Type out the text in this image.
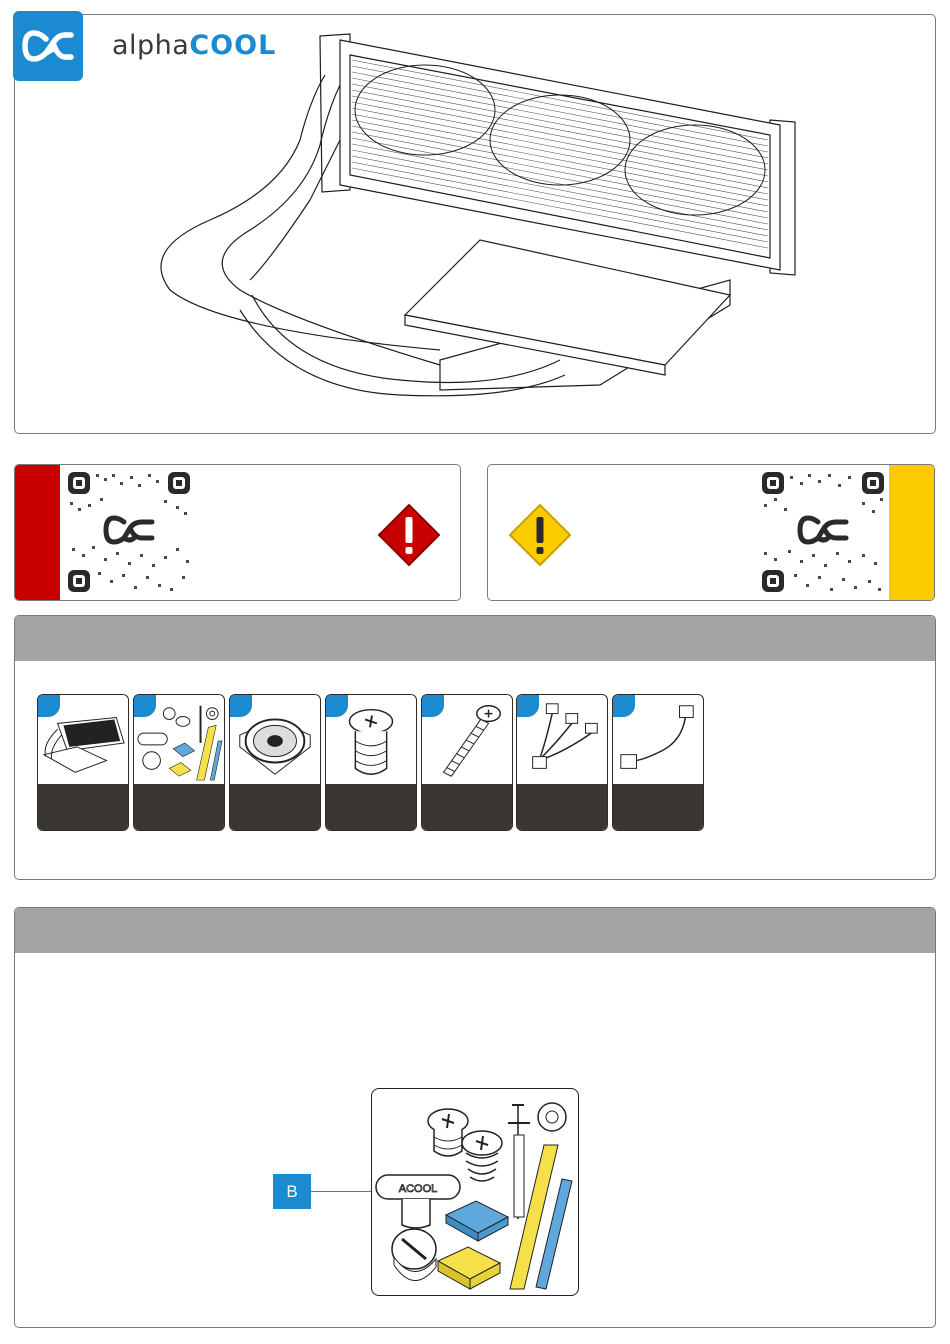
alphaCOOL
B	ACOOL
